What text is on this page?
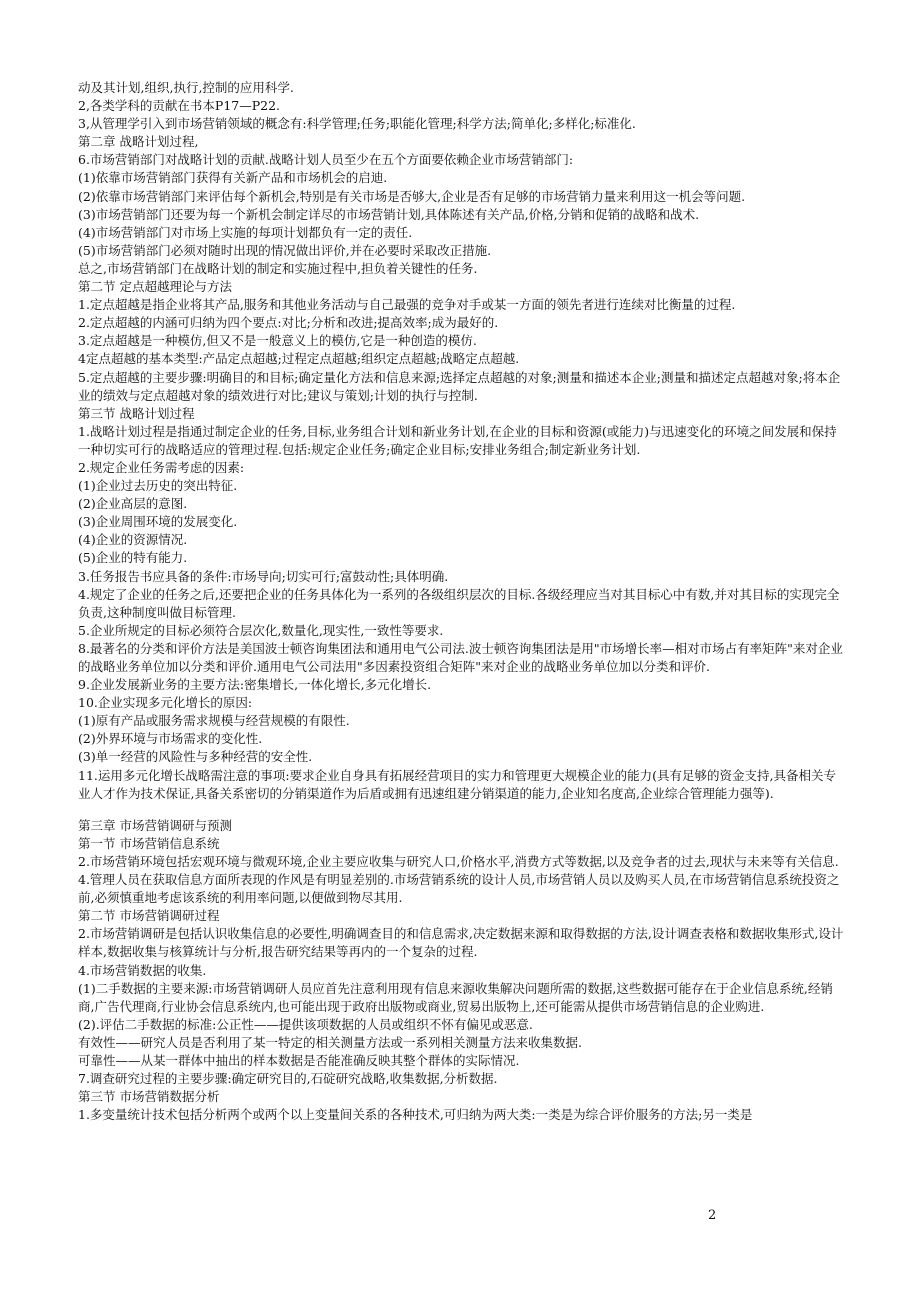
动及其计划,组织,执行,控制的应用科学.

2,各类学科的贡献在书本P17—P22.

3,从管理学引入到市场营销领域的概念有:科学管理;任务;职能化管理;科学方法;简单化;多样化;标准化.

第二章 战略计划过程,

6.市场营销部门对战略计划的贡献.战略计划人员至少在五个方面要依赖企业市场营销部门:

(1)依靠市场营销部门获得有关新产品和市场机会的启迪.

(2)依靠市场营销部门来评估每个新机会,特别是有关市场是否够大,企业是否有足够的市场营销力量来利用这一机会等问题.

(3)市场营销部门还要为每一个新机会制定详尽的市场营销计划,具体陈述有关产品,价格,分销和促销的战略和战术.

(4)市场营销部门对市场上实施的每项计划都负有一定的责任.

(5)市场营销部门必须对随时出现的情况做出评价,并在必要时采取改正措施.

总之,市场营销部门在战略计划的制定和实施过程中,担负着关键性的任务.

第二节 定点超越理论与方法

1.定点超越是指企业将其产品,服务和其他业务活动与自己最强的竞争对手或某一方面的领先者进行连续对比衡量的过程.

2.定点超越的内涵可归纳为四个要点:对比;分析和改进;提高效率;成为最好的.

3.定点超越是一种模仿,但又不是一般意义上的模仿,它是一种创造的模仿.

4定点超越的基本类型:产品定点超越;过程定点超越;组织定点超越;战略定点超越.

5.定点超越的主要步骤:明确目的和目标;确定量化方法和信息来源;选择定点超越的对象;测量和描述本企业;测量和描述定点超越对象;将本企业的绩效与定点超越对象的绩效进行对比;建议与策划;计划的执行与控制.

第三节 战略计划过程

1.战略计划过程是指通过制定企业的任务,目标,业务组合计划和新业务计划,在企业的目标和资源(或能力)与迅速变化的环境之间发展和保持一种切实可行的战略适应的管理过程.包括:规定企业任务;确定企业目标;安排业务组合;制定新业务计划.

2.规定企业任务需考虑的因素:

(1)企业过去历史的突出特征.

(2)企业高层的意图.

(3)企业周围环境的发展变化.

(4)企业的资源情况.

(5)企业的特有能力.

3.任务报告书应具备的条件:市场导向;切实可行;富鼓动性;具体明确.

4.规定了企业的任务之后,还要把企业的任务具体化为一系列的各级组织层次的目标.各级经理应当对其目标心中有数,并对其目标的实现完全负责,这种制度叫做目标管理.

5.企业所规定的目标必须符合层次化,数量化,现实性,一致性等要求.

8.最著名的分类和评价方法是美国波士顿咨询集团法和通用电气公司法.波士顿咨询集团法是用"市场增长率—相对市场占有率矩阵"来对企业的战略业务单位加以分类和评价.通用电气公司法用"多因素投资组合矩阵"来对企业的战略业务单位加以分类和评价.

9.企业发展新业务的主要方法:密集增长,一体化增长,多元化增长.

10.企业实现多元化增长的原因:

(1)原有产品或服务需求规模与经营规模的有限性.

(2)外界环境与市场需求的变化性.

(3)单一经营的风险性与多种经营的安全性.

11.运用多元化增长战略需注意的事项:要求企业自身具有拓展经营项目的实力和管理更大规模企业的能力(具有足够的资金支持,具备相关专业人才作为技术保证,具备关系密切的分销渠道作为后盾或拥有迅速组建分销渠道的能力,企业知名度高,企业综合管理能力强等).

第三章 市场营销调研与预测

第一节 市场营销信息系统

2.市场营销环境包括宏观环境与微观环境,企业主要应收集与研究人口,价格水平,消费方式等数据,以及竞争者的过去,现状与未来等有关信息.

4.管理人员在获取信息方面所表现的作风是有明显差别的.市场营销系统的设计人员,市场营销人员以及购买人员,在市场营销信息系统投资之前,必须慎重地考虑该系统的利用率问题,以便做到物尽其用.

第二节 市场营销调研过程

2.市场营销调研是包括认识收集信息的必要性,明确调查目的和信息需求,决定数据来源和取得数据的方法,设计调查表格和数据收集形式,设计样本,数据收集与核算统计与分析,报告研究结果等再内的一个复杂的过程.

4.市场营销数据的收集.

(1)二手数据的主要来源:市场营销调研人员应首先注意利用现有信息来源收集解决问题所需的数据,这些数据可能存在于企业信息系统,经销商,广告代理商,行业协会信息系统内,也可能出现于政府出版物或商业,贸易出版物上,还可能需从提供市场营销信息的企业购进.

(2).评估二手数据的标准:公正性——提供该项数据的人员或组织不怀有偏见或恶意.

有效性——研究人员是否利用了某一特定的相关测量方法或一系列相关测量方法来收集数据.

可靠性——从某一群体中抽出的样本数据是否能准确反映其整个群体的实际情况.

7.调查研究过程的主要步骤:确定研究目的,石碇研究战略,收集数据,分析数据.

第三节 市场营销数据分析

1.多变量统计技术包括分析两个或两个以上变量间关系的各种技术,可归纳为两大类:一类是为综合评价服务的方法;另一类是

2
